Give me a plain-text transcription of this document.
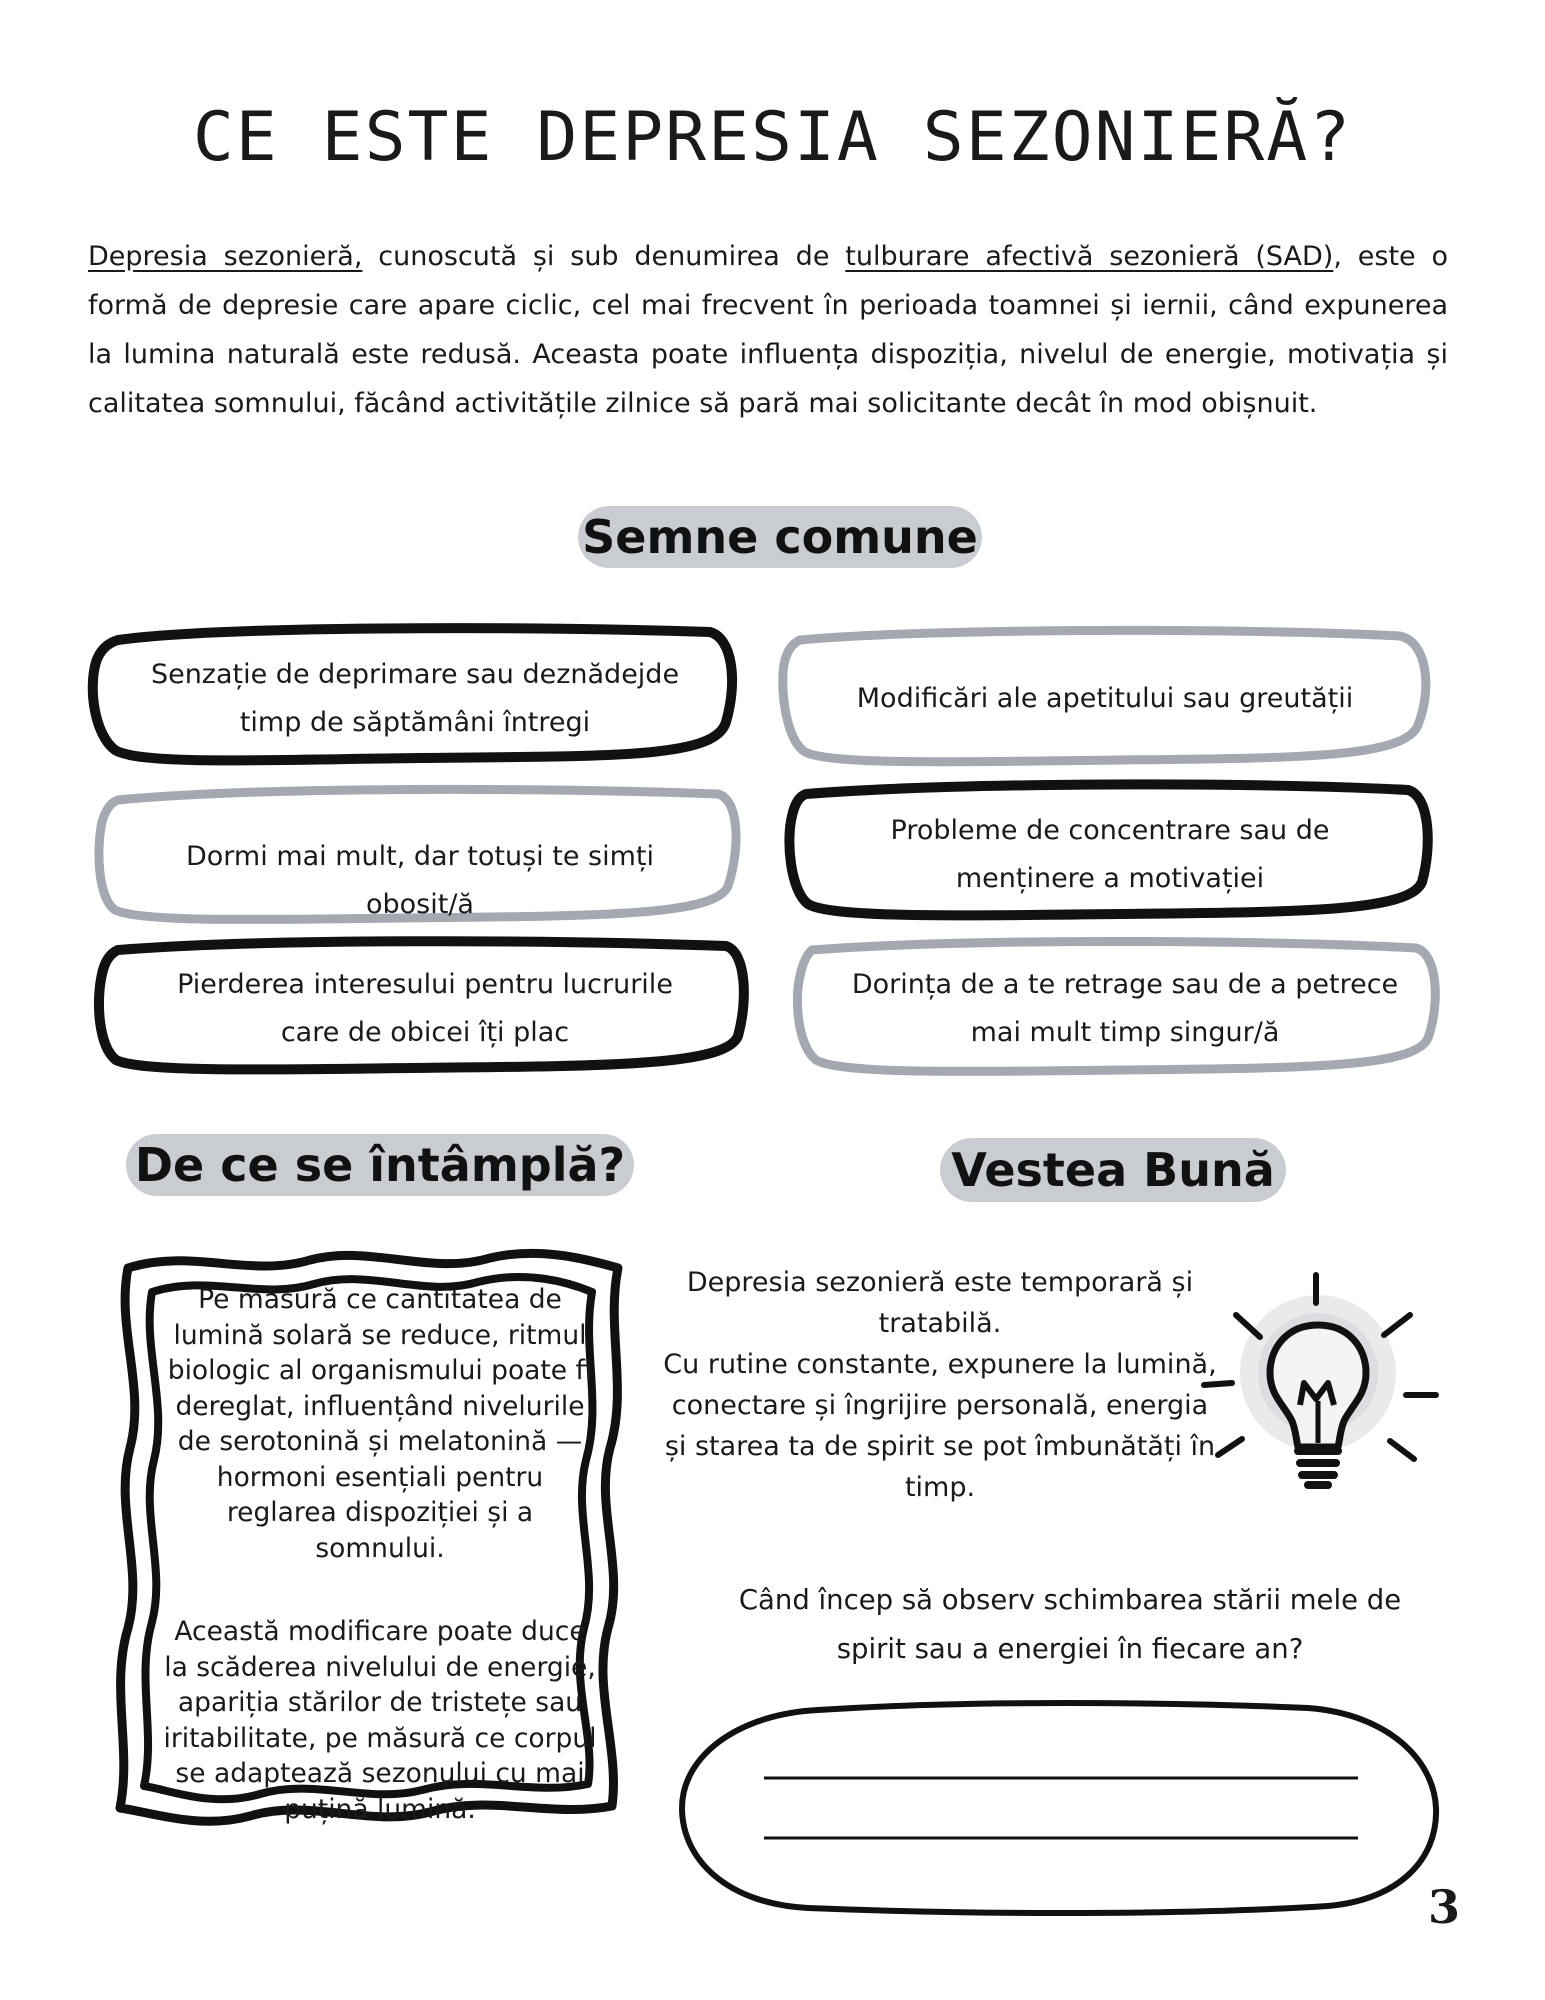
CE ESTE DEPRESIA SEZONIERĂ?

Depresia sezonieră, cunoscută și sub denumirea de tulburare afectivă sezonieră (SAD), este o formă de depresie care apare ciclic, cel mai frecvent în perioada toamnei și iernii, când expunerea la lumina naturală este redusă. Aceasta poate influența dispoziția, nivelul de energie, motivația și calitatea somnului, făcând activitățile zilnice să pară mai solicitante decât în mod obișnuit.

Semne comune
Senzație de deprimare sau deznădejde
timp de săptămâni întregi
Modificări ale apetitului sau greutății
Dormi mai mult, dar totuși te simți
obosit/ă
Probleme de concentrare sau de
menținere a motivației
Pierderea interesului pentru lucrurile
care de obicei îți plac
Dorința de a te retrage sau de a petrece
mai mult timp singur/ă
De ce se întâmplă?	Vestea Bună

Pe măsură ce cantitatea de lumină solară se reduce, ritmul biologic al organismului poate fi dereglat, influențând nivelurile de serotonină și melatonină — hormoni esențiali pentru reglarea dispoziției și a somnului.

Această modificare poate duce la scăderea nivelului de energie, apariția stărilor de tristețe sau iritabilitate, pe măsură ce corpul se adaptează sezonului cu mai puțină lumină.

Depresia sezonieră este temporară și tratabilă.

Cu rutine constante, expunere la lumină, conectare și îngrijire personală, energia și starea ta de spirit se pot îmbunătăți în timp.

Când încep să observ schimbarea stării mele de spirit sau a energiei în fiecare an?

3
